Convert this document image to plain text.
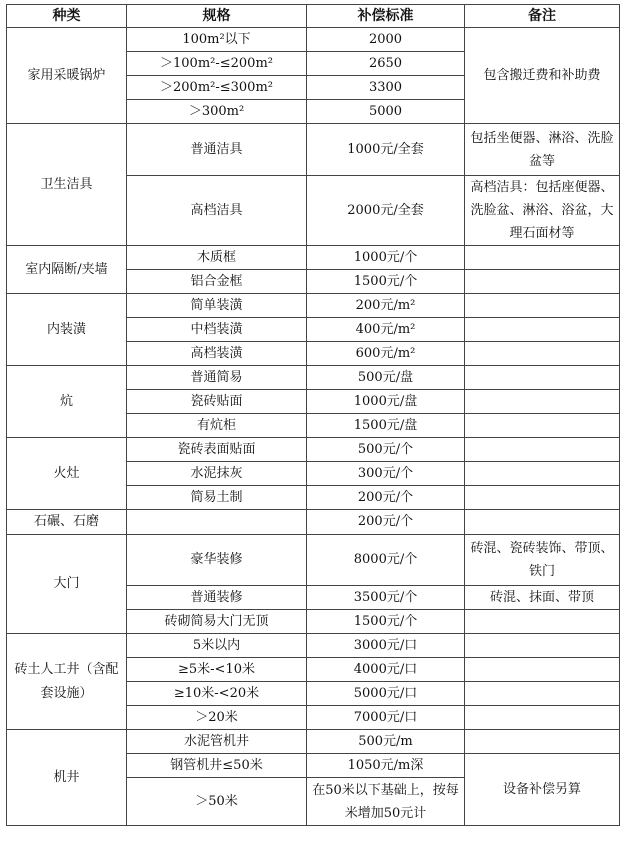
种类	规格	补偿标准	备注
家用采暖锅炉	100m²以下	2000	包含搬迁费和补助费
	＞100m²-≤200m²	2650	
	＞200m²-≤300m²	3300	
	＞300m²	5000	
卫生洁具	普通洁具	1000元/全套	包括坐便器、淋浴、洗脸盆等
	高档洁具	2000元/全套	高档洁具：包括座便器、洗脸盆、淋浴、浴盆，大理石面材等
室内隔断/夹墙	木质框	1000元/个	
	铝合金框	1500元/个	
内装潢	简单装潢	200元/m²	
	中档装潢	400元/m²	
	高档装潢	600元/m²	
炕	普通简易	500元/盘	
	瓷砖贴面	1000元/盘	
	有炕柜	1500元/盘	
火灶	瓷砖表面贴面	500元/个	
	水泥抹灰	300元/个	
	简易土制	200元/个	
石碾、石磨		200元/个	
大门	豪华装修	8000元/个	砖混、瓷砖装饰、带顶、铁门
	普通装修	3500元/个	砖混、抹面、带顶
	砖砌简易大门无顶	1500元/个	
砖土人工井（含配套设施）	5米以内	3000元/口	
	≥5米-<10米	4000元/口	
	≥10米-<20米	5000元/口	
	＞20米	7000元/口	
机井	水泥管机井	500元/m	
	钢管机井≤50米	1050元/m深	设备补偿另算
	＞50米	在50米以下基础上，按每米增加50元计	
